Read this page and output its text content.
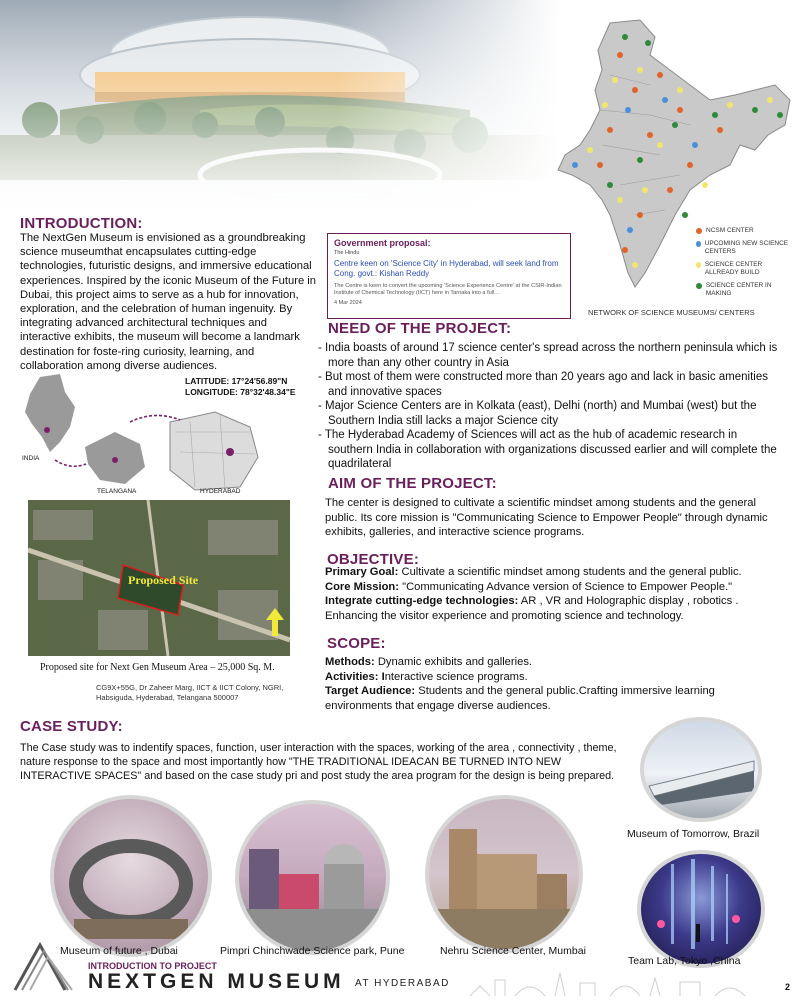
NCSM CENTER
UPCOMING NEW SCIENCE CENTERS
SCIENCE CENTER ALLREADY BUILD
SCIENCE CENTER IN MAKING
NETWORK OF SCIENCE MUSEUMS/ CENTERS
INTRODUCTION:
The NextGen Museum is envisioned as a groundbreaking science museumthat encapsulates cutting-edge technologies, futuristic designs, and immersive educational experiences. Inspired by the iconic Museum of the Future in Dubai, this project aims to serve as a hub for innovation, exploration, and the celebration of human ingenuity. By integrating advanced architectural techniques and interactive exhibits, the museum will become a landmark destination for foste-ring curiosity, learning, and collaboration among diverse audiences.
Government proposal:
The Hindu
Centre keen on 'Science City' in Hyderabad, will seek land from Cong. govt.: Kishan Reddy
The Centre is keen to convert the upcoming 'Science Experience Centre' at the CSIR-Indian Institute of Chemical Technology (IICT) here in Tarnaka into a full...
4 Mar 2024
LATITUDE: 17°24'56.89"N
LONGITUDE: 78°32'48.34"E
INDIA
TELANGANA	HYDERABAD
Proposed Site
Proposed site for Next Gen Museum Area – 25,000 Sq. M.
CG9X+55G, Dr Zaheer Marg, IICT & IICT Colony, NGRI, Habsiguda, Hyderabad, Telangana 500007
NEED OF THE PROJECT:
- India boasts of around 17 science center's spread across the northern peninsula which is more than any other country in Asia
- But most of them were constructed more than 20 years ago and lack in basic amenities and innovative spaces
- Major Science Centers are in Kolkata (east), Delhi (north) and Mumbai (west) but the Southern India still lacks a major Science city
- The Hyderabad Academy of Sciences will act as the hub of academic research in southern India in collaboration with organizations discussed earlier and will complete the quadrilateral
AIM OF THE PROJECT:
The center is designed to cultivate a scientific mindset among students and the general public. Its core mission is "Communicating Science to Empower People" through dynamic exhibits, galleries, and interactive science programs.
OBJECTIVE:
Primary Goal: Cultivate a scientific mindset among students and the general public.
Core Mission: "Communicating Advance version of Science to Empower People."
Integrate cutting-edge technologies: AR , VR and Holographic display , robotics . Enhancing the visitor experience and promoting science and technology.
SCOPE:
Methods: Dynamic exhibits and galleries.
Activities: Interactive science programs.
Target Audience: Students and the general public.Crafting immersive learning environments that engage diverse audiences.
CASE STUDY:
The Case study was to indentify spaces, function, user interaction with the spaces, working of the area , connectivity , theme, nature response to the space and most importantly how "THE TRADITIONAL IDEACAN BE TURNED INTO NEW INTERACTIVE SPACES" and based on the case study pri and post study the area program for the design is being prepared.
Museum of future , Dubai	Pimpri Chinchwade Science park, Pune	Nehru Science Center, Mumbai
Museum of Tomorrow, Brazil
Team Lab, Tokyo ,China
INTRODUCTION TO PROJECT
NEXTGEN MUSEUM AT HYDERABAD	2
